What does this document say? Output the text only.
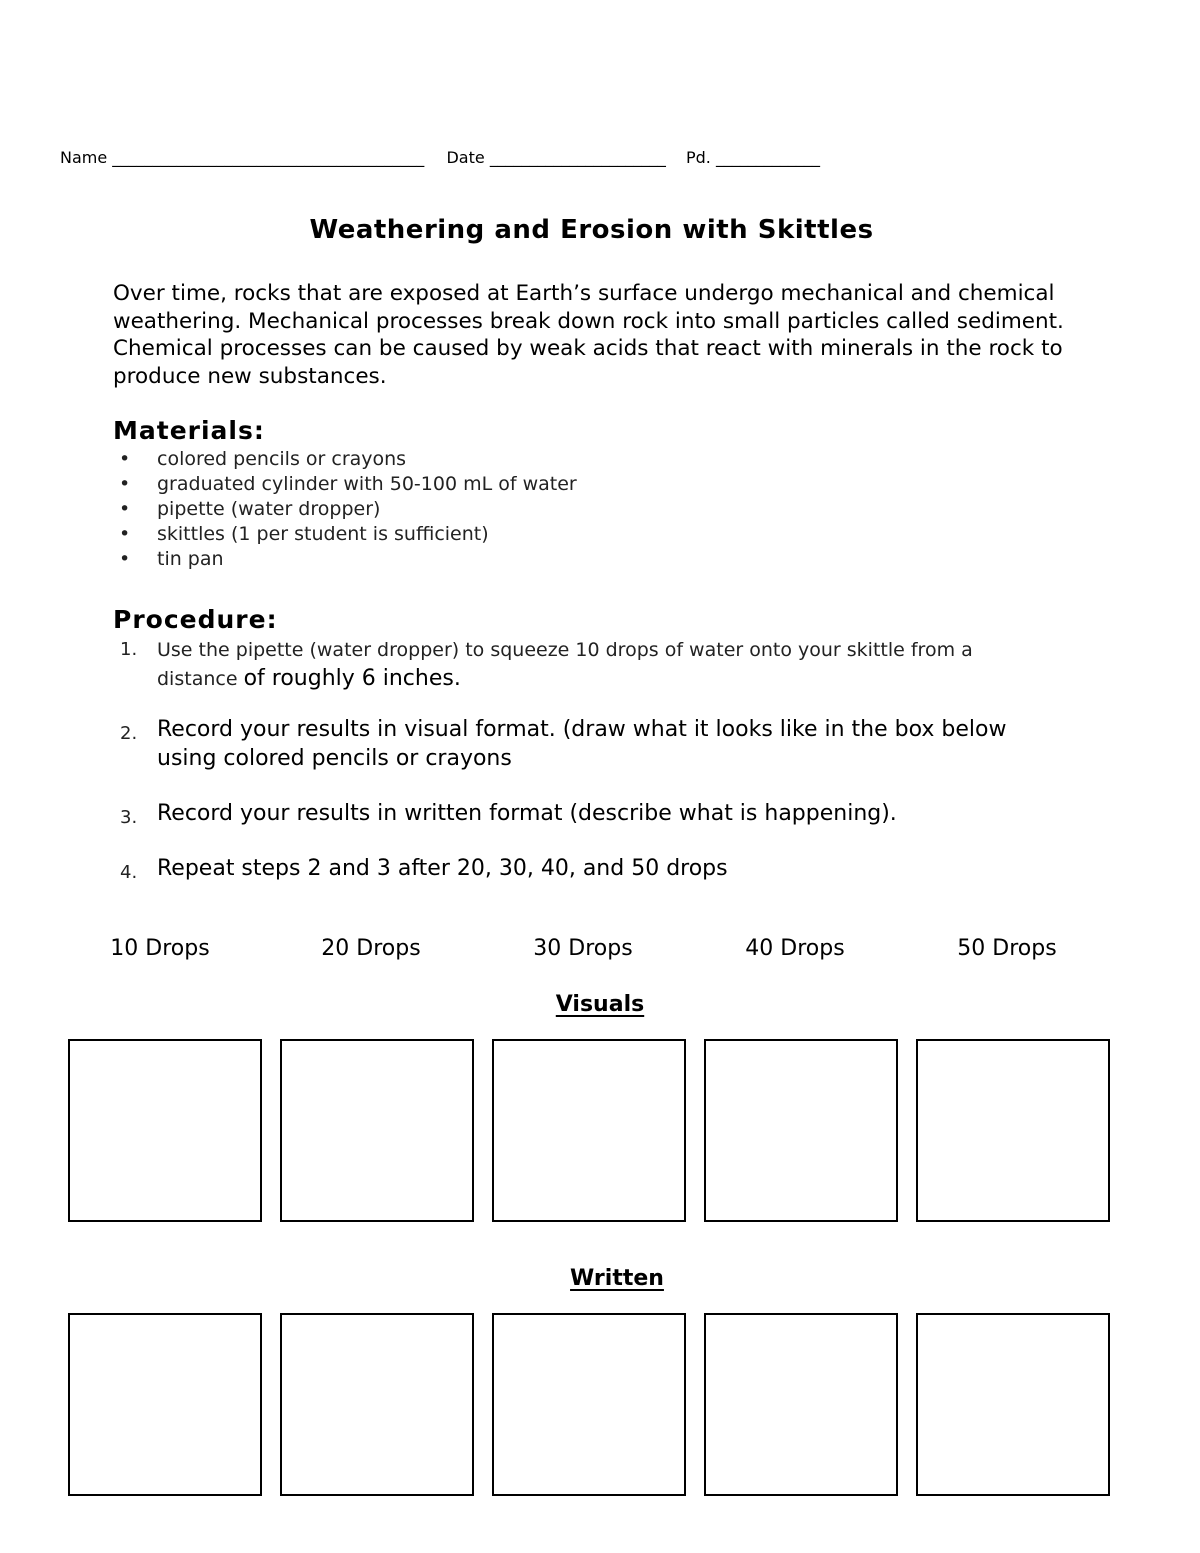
Name _______________________________________ Date ______________________ Pd. _____________
Weathering and Erosion with Skittles
Over time, rocks that are exposed at Earth’s surface undergo mechanical and chemical weathering. Mechanical processes break down rock into small particles called sediment. Chemical processes can be caused by weak acids that react with minerals in the rock to produce new substances.
Materials:
• colored pencils or crayons
• graduated cylinder with 50-100 mL of water
• pipette (water dropper)
• skittles (1 per student is sufficient)
• tin pan
Procedure:
1. Use the pipette (water dropper) to squeeze 10 drops of water onto your skittle from a distance of roughly 6 inches.
2. Record your results in visual format. (draw what it looks like in the box below using colored pencils or crayons
3. Record your results in written format (describe what is happening).
4. Repeat steps 2 and 3 after 20, 30, 40, and 50 drops
10 Drops	20 Drops	30 Drops	40 Drops	50 Drops
Visuals
Written
